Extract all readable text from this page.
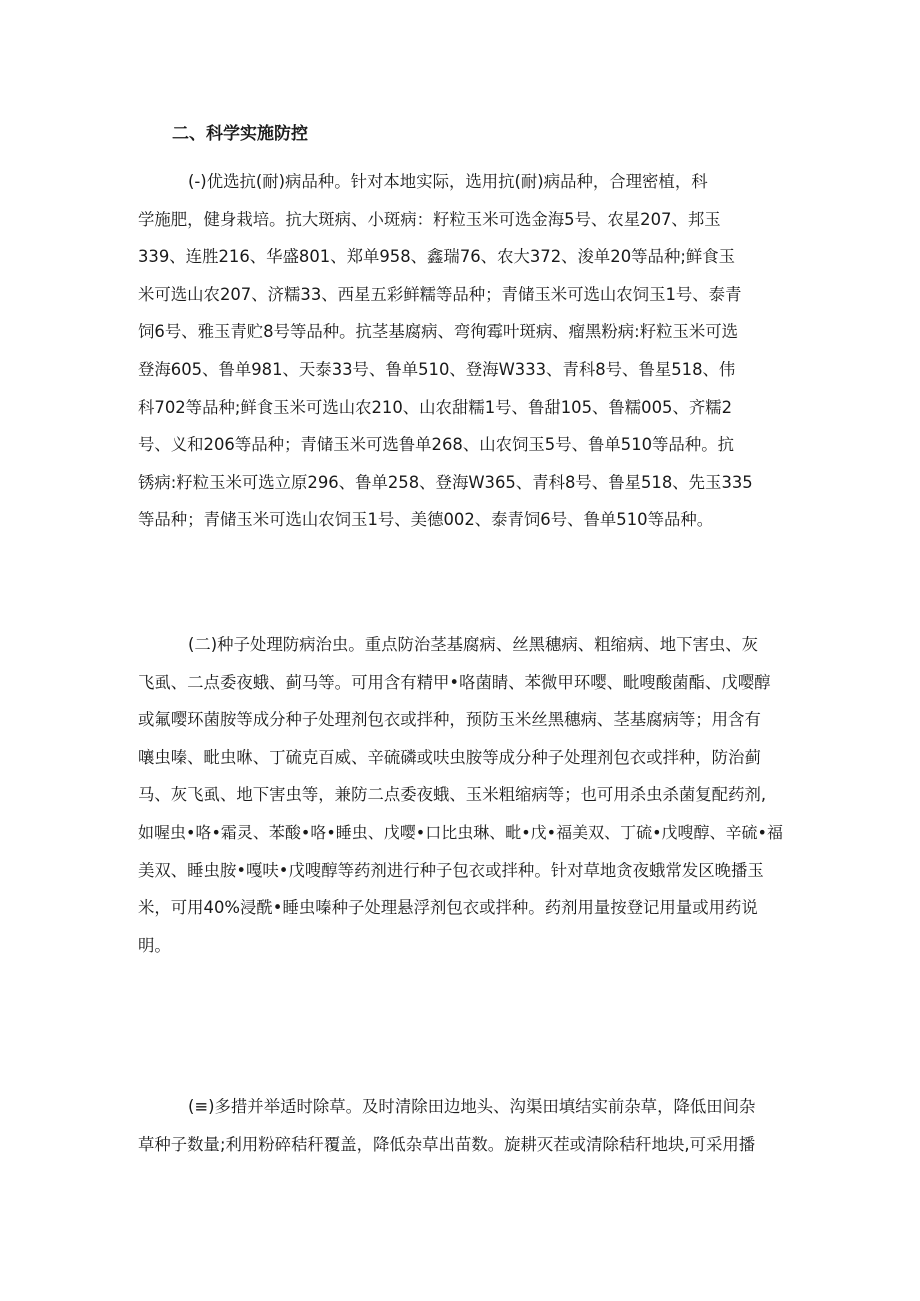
二、科学实施防控
(-)优选抗(耐)病品种。针对本地实际，选用抗(耐)病品种，合理密植，科
学施肥，健身栽培。抗大斑病、小斑病：籽粒玉米可选金海5号、农星207、邦玉
339、连胜216、华盛801、郑单958、鑫瑞76、农大372、浚单20等品种;鲜食玉
米可选山农207、济糯33、西星五彩鲜糯等品种；青储玉米可选山农饲玉1号、泰青
饲6号、雅玉青贮8号等品种。抗茎基腐病、弯徇霉叶斑病、瘤黑粉病:籽粒玉米可选
登海605、鲁单981、天泰33号、鲁单510、登海W333、青科8号、鲁星518、伟
科702等品种;鲜食玉米可选山农210、山农甜糯1号、鲁甜105、鲁糯005、齐糯2
号、义和206等品种；青储玉米可选鲁单268、山农饲玉5号、鲁单510等品种。抗
锈病:籽粒玉米可选立原296、鲁单258、登海W365、青科8号、鲁星518、先玉335
等品种；青储玉米可选山农饲玉1号、美德002、泰青饲6号、鲁单510等品种。
(二)种子处理防病治虫。重点防治茎基腐病、丝黑穗病、粗缩病、地下害虫、灰
飞虱、二点委夜蛾、蓟马等。可用含有精甲•咯菌睛、苯微甲环嘤、毗嗖酸菌酯、戊嘤醇
或氟嘤环菌胺等成分种子处理剂包衣或拌种，预防玉米丝黑穗病、茎基腐病等；用含有
嚷虫嗪、毗虫咻、丁硫克百威、辛硫磷或呋虫胺等成分种子处理剂包衣或拌种，防治蓟
马、灰飞虱、地下害虫等，兼防二点委夜蛾、玉米粗缩病等；也可用杀虫杀菌复配药剂,
如喔虫•咯•霜灵、苯酸•咯•睡虫、戊嘤•口比虫琳、毗•戊•福美双、丁硫•戊嗖醇、辛硫•福
美双、睡虫胺•嘎呋•戊嗖醇等药剂进行种子包衣或拌种。针对草地贪夜蛾常发区晚播玉
米，可用40%浸酰•睡虫嗪种子处理悬浮剂包衣或拌种。药剂用量按登记用量或用药说
明。
(≡)多措并举适时除草。及时清除田边地头、沟渠田填结实前杂草，降低田间杂
草种子数量;利用粉碎秸秆覆盖，降低杂草出苗数。旋耕灭茬或清除秸秆地块,可采用播
